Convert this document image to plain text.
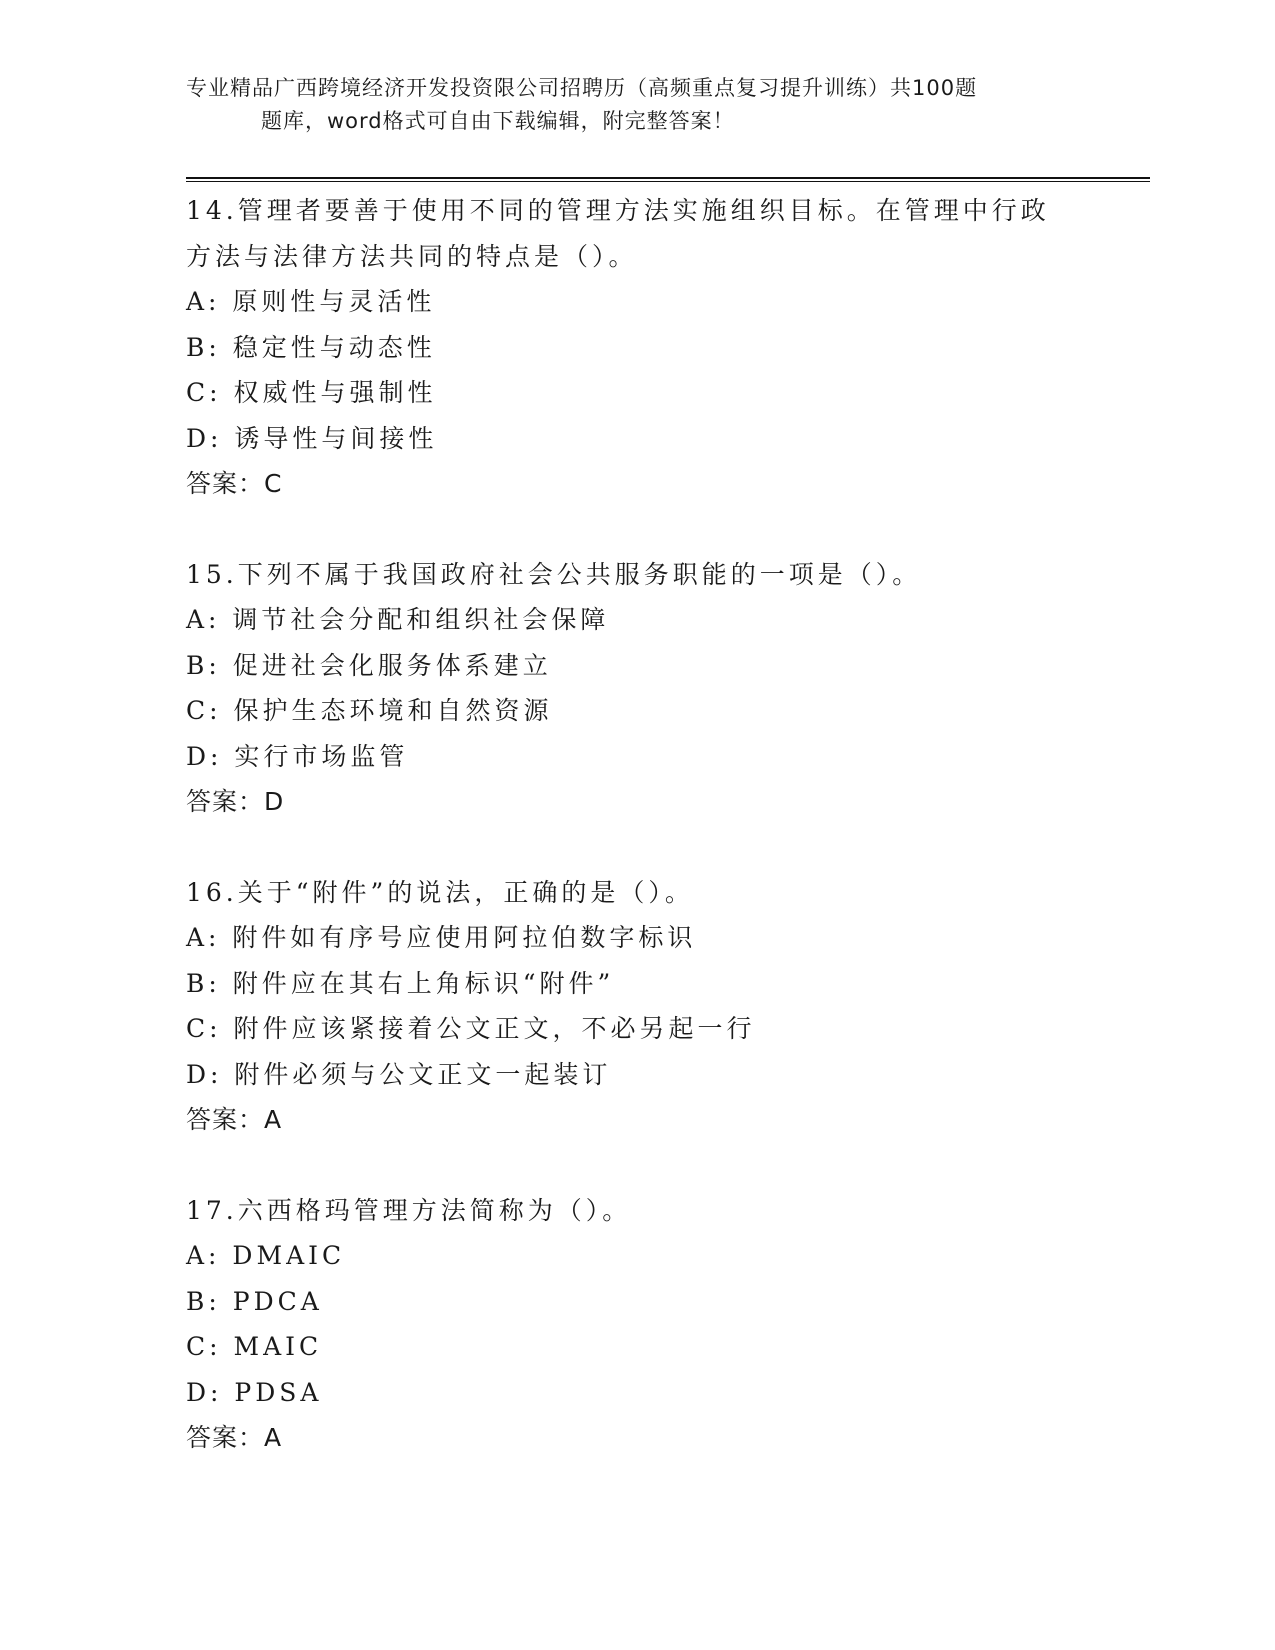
专业精品广西跨境经济开发投资限公司招聘历（高频重点复习提升训练）共100题
题库，word格式可自由下载编辑，附完整答案！
14.管理者要善于使用不同的管理方法实施组织目标。在管理中行政方法与法律方法共同的特点是（）。
A: 原则性与灵活性
B: 稳定性与动态性
C: 权威性与强制性
D: 诱导性与间接性
答案：C
15.下列不属于我国政府社会公共服务职能的一项是（）。
A: 调节社会分配和组织社会保障
B: 促进社会化服务体系建立
C: 保护生态环境和自然资源
D: 实行市场监管
答案：D
16.关于“附件”的说法，正确的是（）。
A: 附件如有序号应使用阿拉伯数字标识
B: 附件应在其右上角标识“附件”
C: 附件应该紧接着公文正文，不必另起一行
D: 附件必须与公文正文一起装订
答案：A
17.六西格玛管理方法简称为（）。
A: DMAIC
B: PDCA
C: MAIC
D: PDSA
答案：A
